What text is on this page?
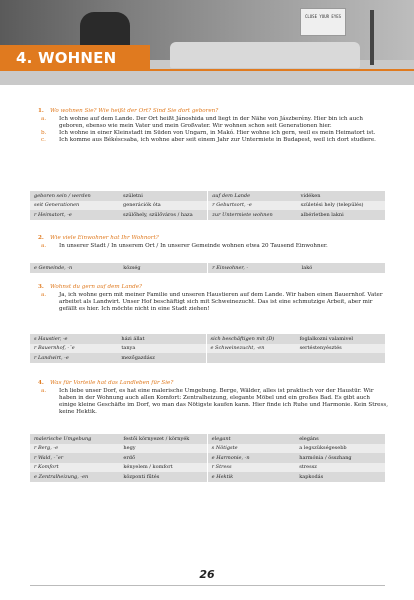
CLOSE YOUR EYES
4. WOHNEN
1. Wo wohnen Sie? Wie heißt der Ort? Sind Sie dort geboren?
a. Ich wohne auf dem Lande. Der Ort heißt Jánoshida und liegt in der Nähe von Jászberény. Hier bin ich auch geboren, ebenso wie mein Vater und mein Großvater. Wir wohnen schon seit Generationen hier.
b. Ich wohne in einer Kleinstadt im Süden von Ungarn, in Makó. Hier wohne ich gern, weil es mein Heimatort ist.
c. Ich komme aus Békéscsaba, ich wohne aber seit einem Jahr zur Untermiete in Budapest, weil ich dort studiere.
geboren sein / werden	születni	auf dem Lande	vidéken
seit Generationen	generációk óta	r Geburtsort, -e	születési hely (település)
r Heimatort, -e	szülőhely, szülőváros / haza	zur Untermiete wohnen	albérletben lakni
2. Wie viele Einwohner hat Ihr Wohnort?
a. In unserer Stadt / In unserem Ort / In unserer Gemeinde wohnen etwa 20 Tausend Einwohner.
e Gemeinde, -n	község	r Einwohner, -	lakó
3. Wohnst du gern auf dem Lande?
a. Ja, ich wohne gern mit meiner Familie und unseren Haustieren auf dem Lande. Wir haben einen Bauernhof. Vater arbeitet als Landwirt. Unser Hof beschäftigt sich mit Schweinezucht. Das ist eine schmutzige Arbeit, aber mir gefällt es hier. Ich möchte nicht in eine Stadt ziehen!
s Haustier, -e	házi állat	sich beschäftigen mit (D)	foglalkozni valamivel
r Bauernhof, -¨e	tanya	e Schweinezucht, -en	sertéstenyésztés
r Landwirt, -e	mezőgazdász		
4. Was für Vorteile hat das Landleben für Sie?
a. Ich liebe unser Dorf, es hat eine malerische Umgebung. Berge, Wälder, alles ist praktisch vor der Haustür. Wir haben in der Wohnung auch allen Komfort: Zentralheizung, elegante Möbel und ein großes Bad. Es gibt auch einige kleine Geschäfte im Dorf, wo man das Nötigste kaufen kann. Hier finde ich Ruhe und Harmonie. Kein Stress, keine Hektik.
malerische Umgebung	festői környezet / környék	elegant	elegáns
r Berg, -e	hegy	s Nötigste	a legszükségesebb
r Wald, -¨er	erdő	e Harmonie, -n	harmónia / összhang
r Komfort	kényelem / komfort	r Stress	stressz
e Zentralheizung, -en	központi fűtés	e Hektik	kapkodás
26
